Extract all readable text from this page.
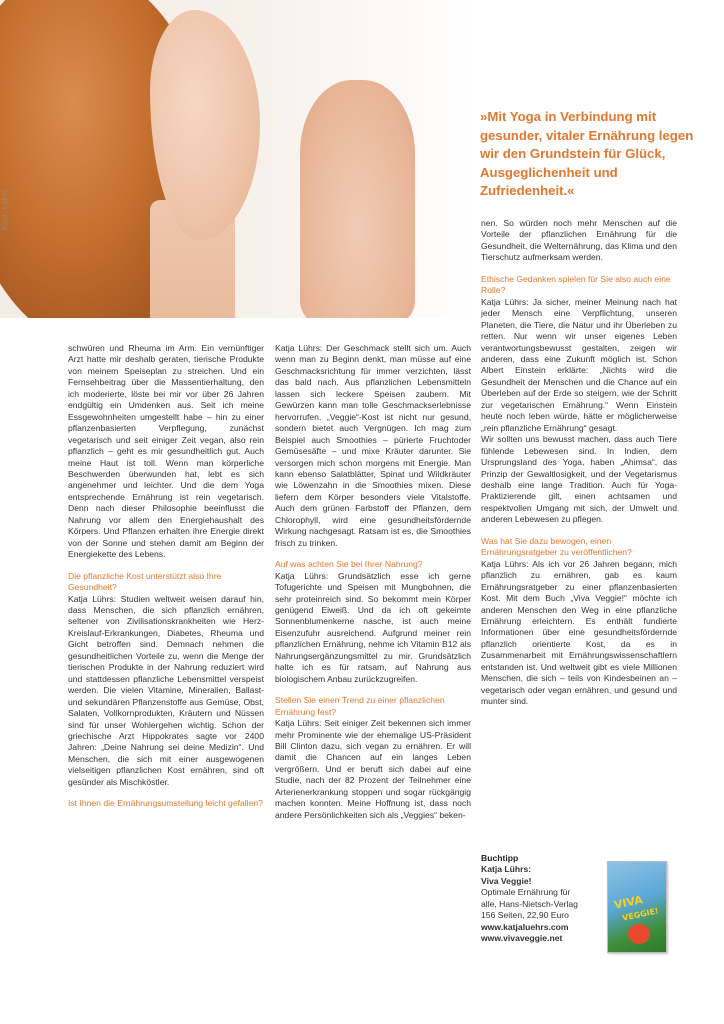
Foto: Lührs
»Mit Yoga in Verbindung mit gesunder, vitaler Ernährung legen wir den Grundstein für Glück, Ausgeglichenheit und Zufriedenheit.«

schwüren und Rheuma im Arm. Ein vernünftiger Arzt hatte mir deshalb geraten, tierische Produkte von meinem Speiseplan zu streichen. Und ein Fernsehbeitrag über die Massentierhaltung, den ich moderierte, löste bei mir vor über 26 Jahren endgültig ein Umdenken aus. Seit ich meine Essgewohnheiten umgestellt habe – hin zu einer pflanzenbasierten Verpflegung, zunächst vegetarisch und seit einiger Zeit vegan, also rein pflanzlich – geht es mir gesundheitlich gut. Auch meine Haut ist toll. Wenn man körperliche Beschwerden überwunden hat, lebt es sich angenehmer und leichter. Und die dem Yoga entsprechende Ernährung ist rein vegetarisch. Denn nach dieser Philosophie beeinflusst die Nahrung vor allem den Energiehaushalt des Körpers. Und Pflanzen erhalten ihre Energie direkt von der Sonne und stehen damit am Beginn der Energiekette des Lebens.

Die pflanzliche Kost unterstützt also Ihre Gesundheit?

Katja Lührs: Studien weltweit weisen darauf hin, dass Menschen, die sich pflanzlich ernähren, seltener von Zivilisationskrankheiten wie Herz-Kreislauf-Erkrankungen, Diabetes, Rheuma und Gicht betroffen sind. Demnach nehmen die gesundheitlichen Vorteile zu, wenn die Menge der tierischen Produkte in der Nahrung reduziert wird und stattdessen pflanzliche Lebensmittel verspeist werden. Die vielen Vitamine, Mineralien, Ballast- und sekundären Pflanzenstoffe aus Gemüse, Obst, Salaten, Vollkornprodukten, Kräutern und Nüssen sind für unser Wohlergehen wichtig. Schon der griechische Arzt Hippokrates sagte vor 2400 Jahren: „Deine Nahrung sei deine Medizin“. Und Menschen, die sich mit einer ausgewogenen vielseitigen pflanzlichen Kost ernähren, sind oft gesünder als Mischköstler.

Ist Ihnen die Ernährungsumstellung leicht gefallen?

Katja Lührs: Der Geschmack stellt sich um. Auch wenn man zu Beginn denkt, man müsse auf eine Geschmacksrichtung für immer verzichten, lässt das bald nach. Aus pflanzlichen Lebensmitteln lassen sich leckere Speisen zaubern. Mit Gewürzen kann man tolle Geschmackserlebnisse hervorrufen. „Veggie“-Kost ist nicht nur gesund, sondern bietet auch Vergnügen. Ich mag zum Beispiel auch Smoothies – pürierte Fruchtoder Gemüsesäfte – und mixe Kräuter darunter. Sie versorgen mich schon morgens mit Energie. Man kann ebenso Salatblätter, Spinat und Wildkräuter wie Löwenzahn in die Smoothies mixen. Diese liefern dem Körper besonders viele Vitalstoffe. Auch dem grünen Farbstoff der Pflanzen, dem Chlorophyll, wird eine gesundheitsfördernde Wirkung nachgesagt. Ratsam ist es, die Smoothies frisch zu trinken.

Auf was achten Sie bei Ihrer Nahrung?

Katja Lührs: Grundsätzlich esse ich gerne Tofugerichte und Speisen mit Mungbohnen, die sehr proteinreich sind. So bekommt mein Körper genügend Eiweiß. Und da ich oft gekeimte Sonnenblumenkerne nasche, ist auch meine Eisenzufuhr ausreichend. Aufgrund meiner rein pflanzlichen Ernährung, nehme ich Vitamin B12 als Nahrungsergänzungsmittel zu mir. Grundsätzlich halte ich es für ratsam, auf Nahrung aus biologischem Anbau zurückzugreifen.

Stellen Sie einen Trend zu einer pflanzlichen Ernährung fest?

Katja Lührs: Seit einiger Zeit bekennen sich immer mehr Prominente wie der ehemalige US-Präsident Bill Clinton dazu, sich vegan zu ernähren. Er will damit die Chancen auf ein langes Leben vergrößern. Und er beruft sich dabei auf eine Studie, nach der 82 Prozent der Teilnehmer eine Arterienerkrankung stoppen und sogar rückgängig machen konnten. Meine Hoffnung ist, dass noch andere Persönlichkeiten sich als „Veggies“ beken-

nen. So würden noch mehr Menschen auf die Vorteile der pflanzlichen Ernährung für die Gesundheit, die Welternährung, das Klima und den Tierschutz aufmerksam werden.

Ethische Gedanken spielen für Sie also auch eine Rolle?

Katja Lührs: Ja sicher, meiner Meinung nach hat jeder Mensch eine Verpflichtung, unseren Planeten, die Tiere, die Natur und ihr Überleben zu retten. Nur wenn wir unser eigenes Leben verantwortungsbewusst gestalten, zeigen wir anderen, dass eine Zukunft möglich ist. Schon Albert Einstein erklärte: „Nichts wird die Gesundheit der Menschen und die Chance auf ein Überleben auf der Erde so steigern, wie der Schritt zur vegetarischen Ernährung.“ Wenn Einstein heute noch leben würde, hätte er möglicherweise „rein pflanzliche Ernährung“ gesagt.

Wir sollten uns bewusst machen, dass auch Tiere fühlende Lebewesen sind. In Indien, dem Ursprungsland des Yoga, haben „Ahimsa“, das Prinzip der Gewaltlosigkeit, und der Vegetarismus deshalb eine lange Tradition. Auch für Yoga-Praktizierende gilt, einen achtsamen und respektvollen Umgang mit sich, der Umwelt und anderen Lebewesen zu pflegen.

Was hat Sie dazu bewogen, einen Ernährungsratgeber zu veröffentlichen?

Katja Lührs: Als ich vor 26 Jahren begann, mich pflanzlich zu ernähren, gab es kaum Ernährungsratgeber zu einer pflanzenbasierten Kost. Mit dem Buch „Viva Veggie!“ möchte ich anderen Menschen den Weg in eine pflanzliche Ernährung erleichtern. Es enthält fundierte Informationen über eine gesundheitsfördernde pflanzlich orientierte Kost, da es in Zusammenarbeit mit Ernährungswissenschaftlern entstanden ist. Und weltweit gibt es viele Millionen Menschen, die sich – teils von Kindesbeinen an – vegetarisch oder vegan ernähren, und gesund und munter sind.

Buchtipp
Katja Lührs:
Viva Veggie!
Optimale Ernährung für
alle, Hans-Nietsch-Verlag
156 Seiten, 22,90 Euro
www.katjaluehrs.com
www.vivaveggie.net
VIVA
VEGGIE!
